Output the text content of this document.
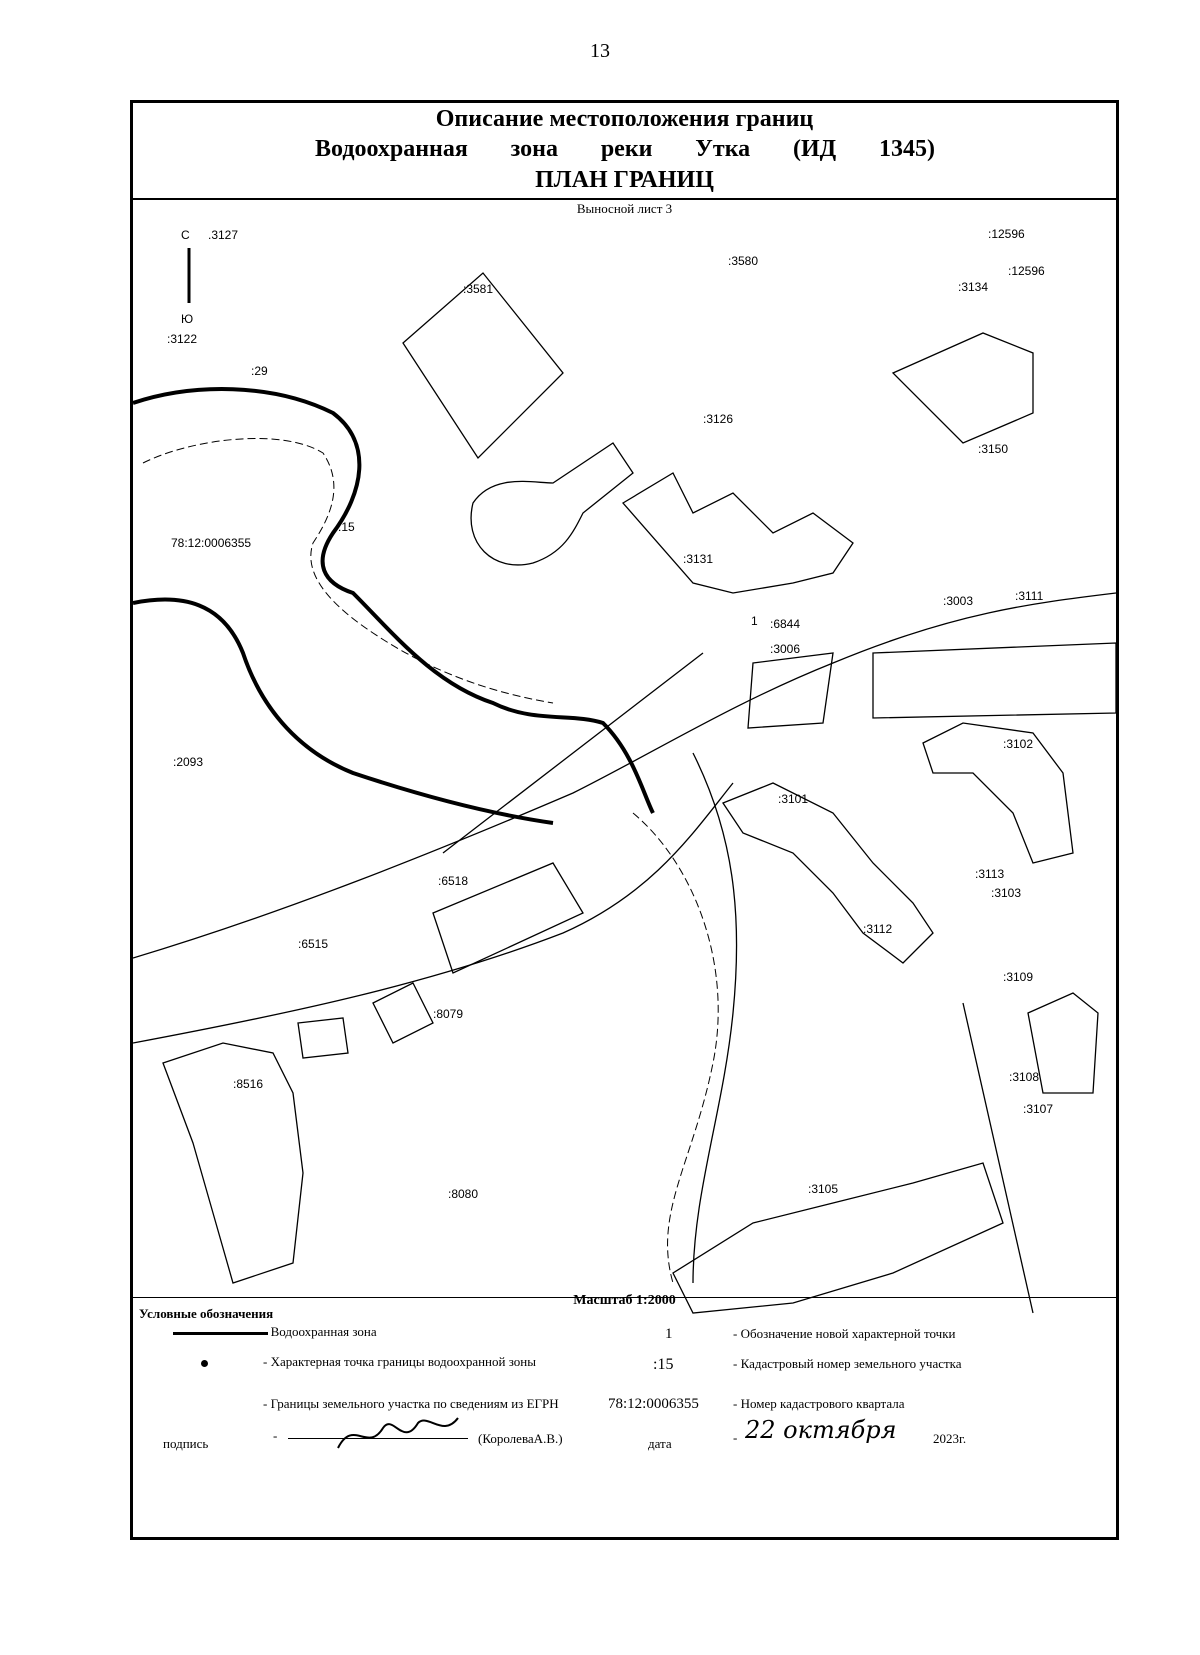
13
Описание местоположения границ
Водоохранная зона реки Утка (ИД 1345)
ПЛАН ГРАНИЦ
Выносной лист 3
С
Ю
.3127
:3122
:29
:3581
:3580
:3134
:12596
:12596
:3126
:3150
:15
78:12:0006355
:3131
:3003	:3111
:6844
:3006
1
:2093
:3102
:3101
:6518	:3113
:3103
:6515
:3112
:3109
:8079
:8516	:3108
:3107
:3105
:8080
Масштаб 1:2000
Условные обозначения
- Водоохранная зона
- Характерная точка границы водоохранной зоны
- Границы земельного участка по сведениям из ЕГРН
1	- Обозначение новой характерной точки
:15	- Кадастровый номер земельного участка
78:12:0006355	- Номер кадастрового квартала
подпись
-	(КоролеваА.В.)	дата	- 22 октября	2023г.
